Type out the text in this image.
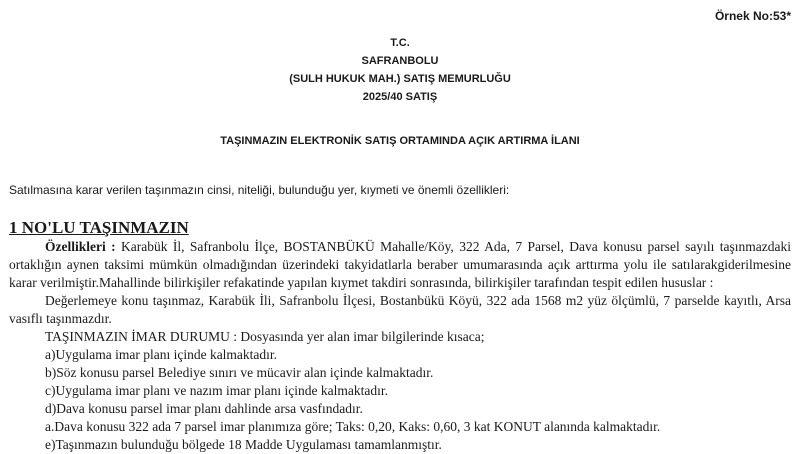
Örnek No:53*
T.C.
SAFRANBOLU
(SULH HUKUK MAH.) SATIŞ MEMURLUĞU
2025/40 SATIŞ
TAŞINMAZIN ELEKTRONİK SATIŞ ORTAMINDA AÇIK ARTIRMA İLANI
Satılmasına karar verilen taşınmazın cinsi, niteliği, bulunduğu yer, kıymeti ve önemli özellikleri:
1 NO'LU TAŞINMAZIN

Özellikleri : Karabük İl, Safranbolu İlçe, BOSTANBÜKÜ Mahalle/Köy, 322 Ada, 7 Parsel, Dava konusu parsel sayılı taşınmazdaki ortaklığın aynen taksimi mümkün olmadığından üzerindeki takyidatlarla beraber umumarasında açık arttırma yolu ile satılarakgiderilmesine karar verilmiştir.Mahallinde bilirkişiler refakatinde yapılan kıymet takdiri sonrasında, bilirkişiler tarafından tespit edilen hususlar :

Değerlemeye konu taşınmaz, Karabük İli, Safranbolu İlçesi, Bostanbükü Köyü, 322 ada 1568 m2 yüz ölçümlü, 7 parselde kayıtlı, Arsa vasıflı taşınmazdır.

TAŞINMAZIN İMAR DURUMU : Dosyasında yer alan imar bilgilerinde kısaca;

a)Uygulama imar planı içinde kalmaktadır.

b)Söz konusu parsel Belediye sınırı ve mücavir alan içinde kalmaktadır.

c)Uygulama imar planı ve nazım imar planı içinde kalmaktadır.

d)Dava konusu parsel imar planı dahlinde arsa vasfındadır.

a.Dava konusu 322 ada 7 parsel imar planımıza göre; Taks: 0,20, Kaks: 0,60, 3 kat KONUT alanında kalmaktadır.

e)Taşınmazın bulunduğu bölgede 18 Madde Uygulaması tamamlanmıştır.
